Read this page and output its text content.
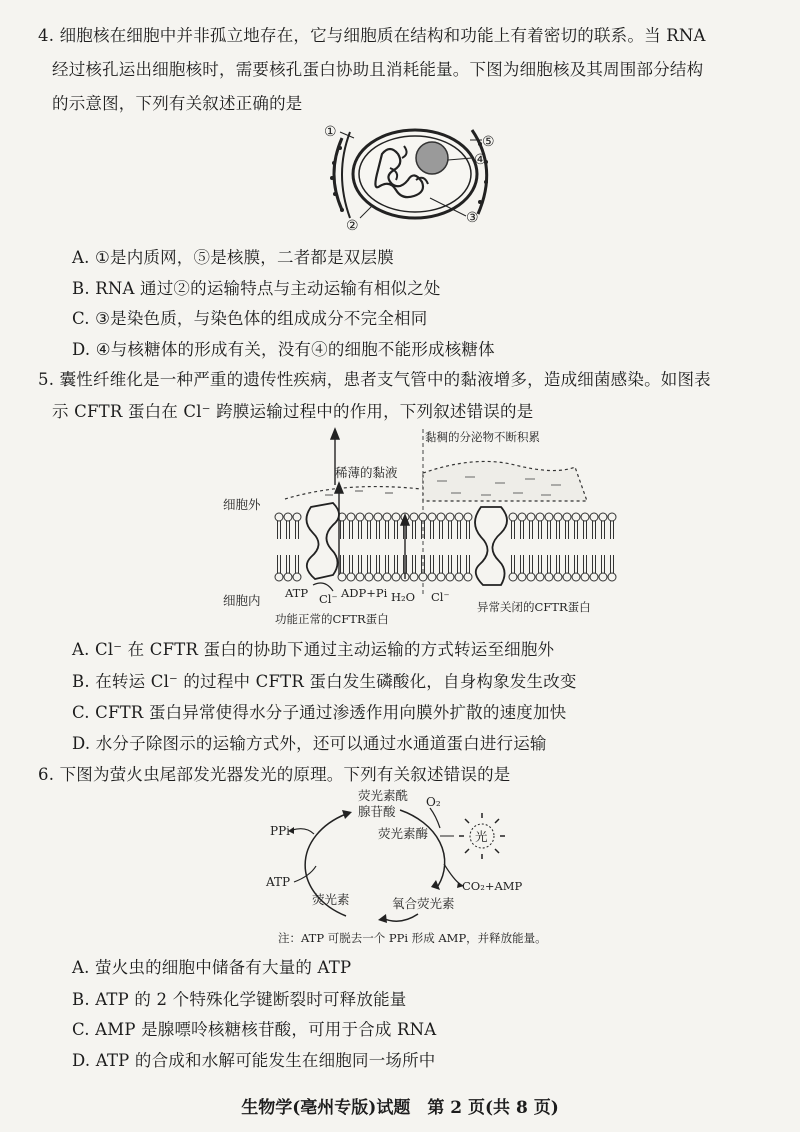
4. 细胞核在细胞中并非孤立地存在，它与细胞质在结构和功能上有着密切的联系。当 RNA
经过核孔运出细胞核时，需要核孔蛋白协助且消耗能量。下图为细胞核及其周围部分结构
的示意图，下列有关叙述正确的是
①
⑤
④
②	③
A. ①是内质网，⑤是核膜，二者都是双层膜
B. RNA 通过②的运输特点与主动运输有相似之处
C. ③是染色质，与染色体的组成成分不完全相同
D. ④与核糖体的形成有关，没有④的细胞不能形成核糖体
5. 囊性纤维化是一种严重的遗传性疾病，患者支气管中的黏液增多，造成细菌感染。如图表
示 CFTR 蛋白在 Cl⁻ 跨膜运输过程中的作用，下列叙述错误的是
黏稠的分泌物不断积累
稀薄的黏液
细胞外
细胞内 ATP Cl⁻ ADP+Pi H₂O Cl⁻
功能正常的CFTR蛋白
异常关闭的CFTR蛋白
A. Cl⁻ 在 CFTR 蛋白的协助下通过主动运输的方式转运至细胞外
B. 在转运 Cl⁻ 的过程中 CFTR 蛋白发生磷酸化，自身构象发生改变
C. CFTR 蛋白异常使得水分子通过渗透作用向膜外扩散的速度加快
D. 水分子除图示的运输方式外，还可以通过水通道蛋白进行运输
6. 下图为萤火虫尾部发光器发光的原理。下列有关叙述错误的是
荧光素酰
腺苷酸
O₂
荧光素酶	光
PPi
ATP	CO₂+AMP
荧光素	氧合荧光素
注：ATP 可脱去一个 PPi 形成 AMP，并释放能量。
A. 萤火虫的细胞中储备有大量的 ATP
B. ATP 的 2 个特殊化学键断裂时可释放能量
C. AMP 是腺嘌呤核糖核苷酸，可用于合成 RNA
D. ATP 的合成和水解可能发生在细胞同一场所中
生物学(亳州专版)试题　第 2 页(共 8 页)
